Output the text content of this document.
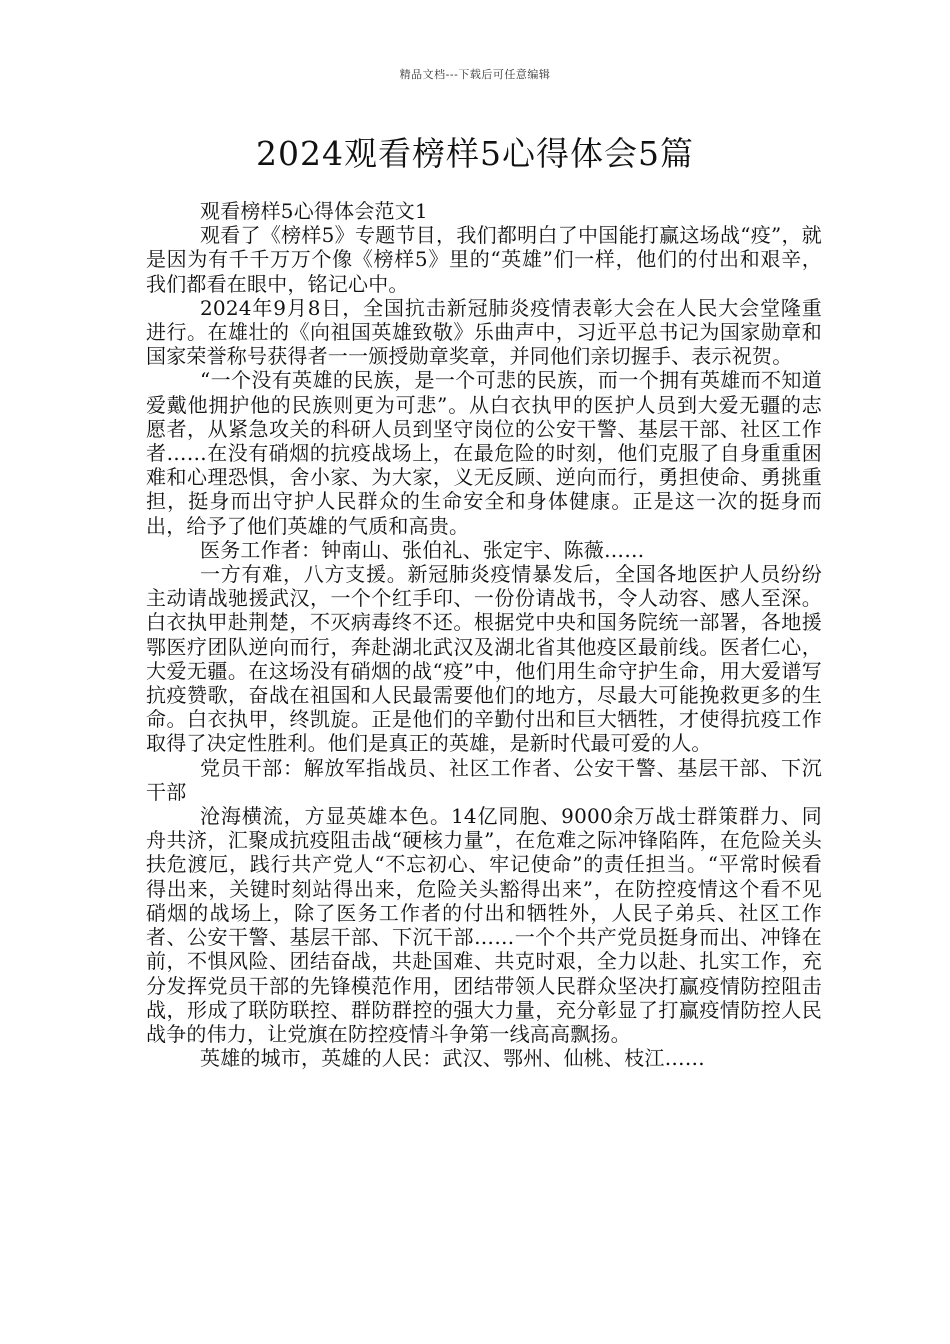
精品文档---下载后可任意编辑
2024观看榜样5心得体会5篇

观看榜样5心得体会范文1

观看了《榜样5》专题节目，我们都明白了中国能打赢这场战“疫”，就是因为有千千万万个像《榜样5》里的“英雄”们一样，他们的付出和艰辛，我们都看在眼中，铭记心中。

2024年9月8日，全国抗击新冠肺炎疫情表彰大会在人民大会堂隆重进行。在雄壮的《向祖国英雄致敬》乐曲声中，习近平总书记为国家勋章和国家荣誉称号获得者一一颁授勋章奖章，并同他们亲切握手、表示祝贺。

“一个没有英雄的民族，是一个可悲的民族，而一个拥有英雄而不知道爱戴他拥护他的民族则更为可悲”。从白衣执甲的医护人员到大爱无疆的志愿者，从紧急攻关的科研人员到坚守岗位的公安干警、基层干部、社区工作者……在没有硝烟的抗疫战场上，在最危险的时刻，他们克服了自身重重困难和心理恐惧，舍小家、为大家，义无反顾、逆向而行，勇担使命、勇挑重担，挺身而出守护人民群众的生命安全和身体健康。正是这一次的挺身而出，给予了他们英雄的气质和高贵。

医务工作者：钟南山、张伯礼、张定宇、陈薇……

一方有难，八方支援。新冠肺炎疫情暴发后，全国各地医护人员纷纷主动请战驰援武汉，一个个红手印、一份份请战书，令人动容、感人至深。白衣执甲赴荆楚，不灭病毒终不还。根据党中央和国务院统一部署，各地援鄂医疗团队逆向而行，奔赴湖北武汉及湖北省其他疫区最前线。医者仁心，大爱无疆。在这场没有硝烟的战“疫”中，他们用生命守护生命，用大爱谱写抗疫赞歌，奋战在祖国和人民最需要他们的地方，尽最大可能挽救更多的生命。白衣执甲，终凯旋。正是他们的辛勤付出和巨大牺牲，才使得抗疫工作取得了决定性胜利。他们是真正的英雄，是新时代最可爱的人。

党员干部：解放军指战员、社区工作者、公安干警、基层干部、下沉干部

沧海横流，方显英雄本色。14亿同胞、9000余万战士群策群力、同舟共济，汇聚成抗疫阻击战“硬核力量”，在危难之际冲锋陷阵，在危险关头扶危渡厄，践行共产党人“不忘初心、牢记使命”的责任担当。“平常时候看得出来，关键时刻站得出来，危险关头豁得出来”，在防控疫情这个看不见硝烟的战场上，除了医务工作者的付出和牺牲外，人民子弟兵、社区工作者、公安干警、基层干部、下沉干部……一个个共产党员挺身而出、冲锋在前，不惧风险、团结奋战，共赴国难、共克时艰，全力以赴、扎实工作，充分发挥党员干部的先锋模范作用，团结带领人民群众坚决打赢疫情防控阻击战，形成了联防联控、群防群控的强大力量，充分彰显了打赢疫情防控人民战争的伟力，让党旗在防控疫情斗争第一线高高飘扬。

英雄的城市，英雄的人民：武汉、鄂州、仙桃、枝江……
